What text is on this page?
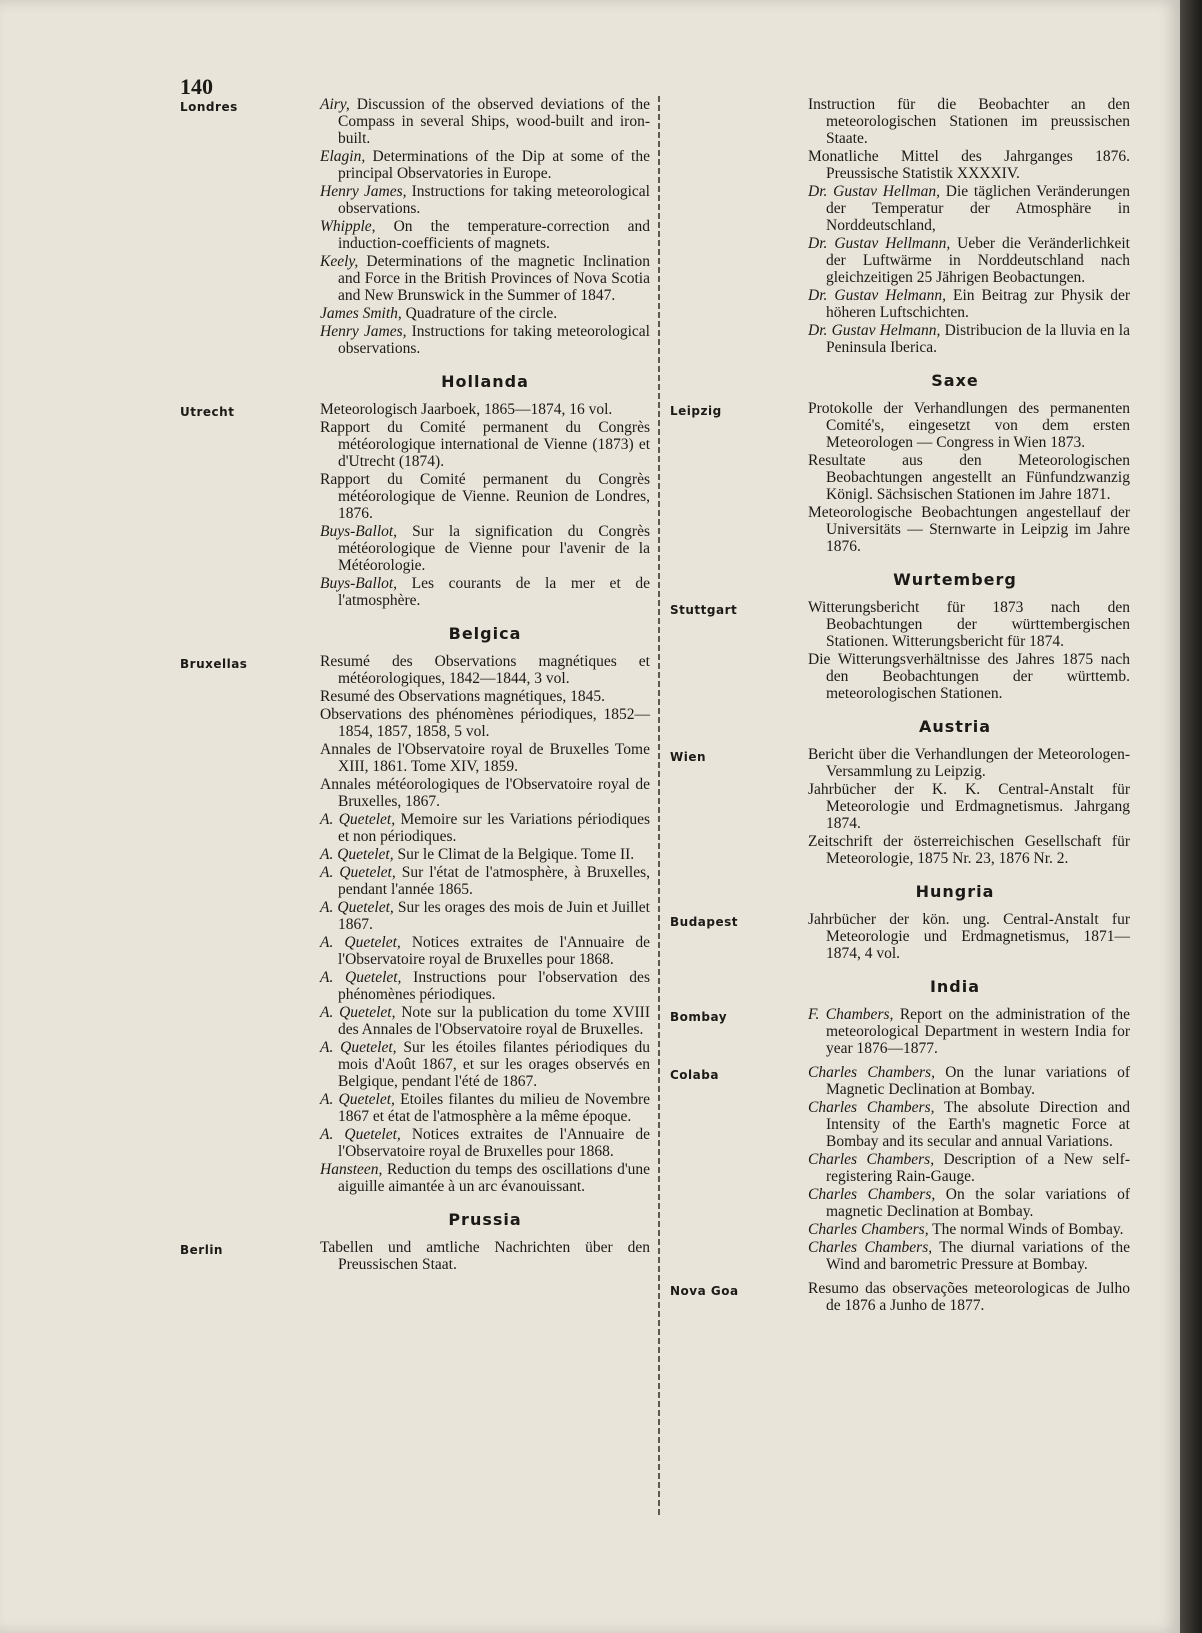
140
Londres	Airy, Discussion of the observed deviations of the Compass in several Ships, wood-built and iron-built.
Elagin, Determinations of the Dip at some of the principal Observatories in Europe.
Henry James, Instructions for taking meteorological observations.
Whipple, On the temperature-correction and induction-coefficients of magnets.
Keely, Determinations of the magnetic Inclination and Force in the British Provinces of Nova Scotia and New Brunswick in the Summer of 1847.
James Smith, Quadrature of the circle.
Henry James, Instructions for taking meteorological observations.
Hollanda
Utrecht	Meteorologisch Jaarboek, 1865—1874, 16 vol.
Rapport du Comité permanent du Congrès météorologique international de Vienne (1873) et d'Utrecht (1874).
Rapport du Comité permanent du Congrès météorologique de Vienne. Reunion de Londres, 1876.
Buys-Ballot, Sur la signification du Congrès météorologique de Vienne pour l'avenir de la Météorologie.
Buys-Ballot, Les courants de la mer et de l'atmosphère.
Belgica
Bruxellas	Resumé des Observations magnétiques et météorologiques, 1842—1844, 3 vol.
Resumé des Observations magnétiques, 1845.
Observations des phénomènes périodiques, 1852—1854, 1857, 1858, 5 vol.
Annales de l'Observatoire royal de Bruxelles Tome XIII, 1861. Tome XIV, 1859.
Annales météorologiques de l'Observatoire royal de Bruxelles, 1867.
A. Quetelet, Memoire sur les Variations périodiques et non périodiques.
A. Quetelet, Sur le Climat de la Belgique. Tome II.
A. Quetelet, Sur l'état de l'atmosphère, à Bruxelles, pendant l'année 1865.
A. Quetelet, Sur les orages des mois de Juin et Juillet 1867.
A. Quetelet, Notices extraites de l'Annuaire de l'Observatoire royal de Bruxelles pour 1868.
A. Quetelet, Instructions pour l'observation des phénomènes périodiques.
A. Quetelet, Note sur la publication du tome XVIII des Annales de l'Observatoire royal de Bruxelles.
A. Quetelet, Sur les étoiles filantes périodiques du mois d'Août 1867, et sur les orages observés en Belgique, pendant l'été de 1867.
A. Quetelet, Etoiles filantes du milieu de Novembre 1867 et état de l'atmosphère a la même époque.
A. Quetelet, Notices extraites de l'Annuaire de l'Observatoire royal de Bruxelles pour 1868.
Hansteen, Reduction du temps des oscillations d'une aiguille aimantée à un arc évanouissant.
Prussia
Berlin	Tabellen und amtliche Nachrichten über den Preussischen Staat.
Instruction für die Beobachter an den meteorologischen Stationen im preussischen Staate.
Monatliche Mittel des Jahrganges 1876. Preussische Statistik XXXXIV.
Dr. Gustav Hellman, Die täglichen Veränderungen der Temperatur der Atmosphäre in Norddeutschland,
Dr. Gustav Hellmann, Ueber die Veränderlichkeit der Luftwärme in Norddeutschland nach gleichzeitigen 25 Jährigen Beobactungen.
Dr. Gustav Helmann, Ein Beitrag zur Physik der höheren Luftschichten.
Dr. Gustav Helmann, Distribucion de la lluvia en la Peninsula Iberica.
Saxe
Leipzig	Protokolle der Verhandlungen des permanenten Comité's, eingesetzt von dem ersten Meteorologen — Congress in Wien 1873.
Resultate aus den Meteorologischen Beobachtungen angestellt an Fünfundzwanzig Königl. Sächsischen Stationen im Jahre 1871.
Meteorologische Beobachtungen angestellauf der Universitäts — Sternwarte in Leipzig im Jahre 1876.
Wurtemberg
Stuttgart	Witterungsbericht für 1873 nach den Beobachtungen der württembergischen Stationen. Witterungsbericht für 1874.
Die Witterungsverhältnisse des Jahres 1875 nach den Beobachtungen der württemb. meteorologischen Stationen.
Austria
Wien	Bericht über die Verhandlungen der Meteorologen-Versammlung zu Leipzig.
Jahrbücher der K. K. Central-Anstalt für Meteorologie und Erdmagnetismus. Jahrgang 1874.
Zeitschrift der österreichischen Gesellschaft für Meteorologie, 1875 Nr. 23, 1876 Nr. 2.
Hungria
Budapest	Jahrbücher der kön. ung. Central-Anstalt fur Meteorologie und Erdmagnetismus, 1871—1874, 4 vol.
India
Bombay	F. Chambers, Report on the administration of the meteorological Department in western India for year 1876—1877.
Colaba	Charles Chambers, On the lunar variations of Magnetic Declination at Bombay.
Charles Chambers, The absolute Direction and Intensity of the Earth's magnetic Force at Bombay and its secular and annual Variations.
Charles Chambers, Description of a New self-registering Rain-Gauge.
Charles Chambers, On the solar variations of magnetic Declination at Bombay.
Charles Chambers, The normal Winds of Bombay.
Charles Chambers, The diurnal variations of the Wind and barometric Pressure at Bombay.
Nova Goa	Resumo das observações meteorologicas de Julho de 1876 a Junho de 1877.
